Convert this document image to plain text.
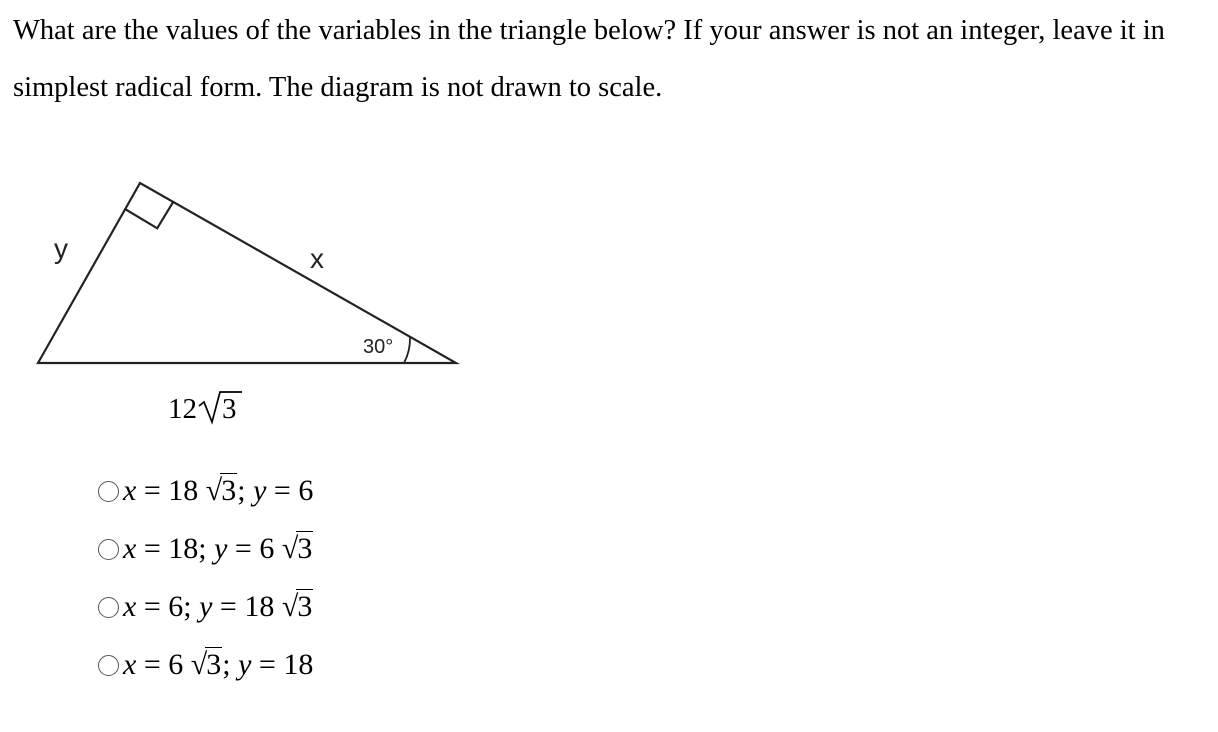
What are the values of the variables in the triangle below? If your answer is not an integer, leave it in simplest radical form. The diagram is not drawn to scale.

y	x
30°
12 3
x = 18 √3; y = 6
x = 18; y = 6 √3
x = 6; y = 18 √3
x = 6 √3; y = 18
